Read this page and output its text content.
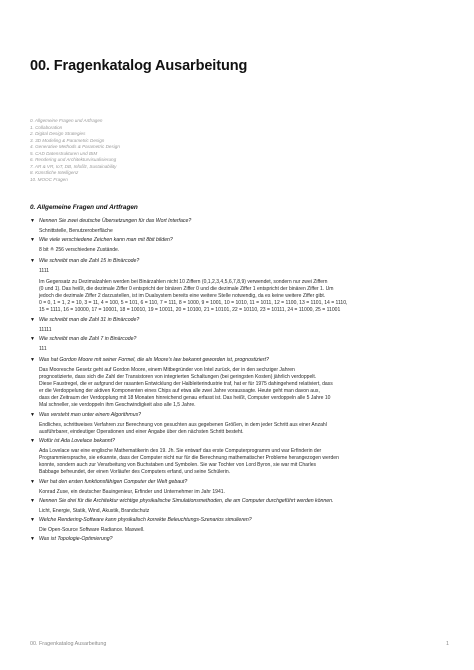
00. Fragenkatalog Ausarbeitung
0. Allgemeine Fragen und Artfragen
1. Collaboration
2. Digital Design Strategies
3. 3D Modeling & Parametric Design
4. Generative Methods & Parametric Design
5. CAD Datenstrukturen und BIM
6. Rendering und Architekturvisualisierung
7. AR & VR, IoT, DB, Infofilz, Sustainability
8. Künstliche Intelligenz
10. MOOC Fragen
0. Allgemeine Fragen und Artfragen
▼ Nennen Sie zwei deutsche Übersetzungen für das Wort Interface?
Schnittstelle, Benutzeroberfläche
▼ Wie viele verschiedene Zeichen kann man mit 8bit bilden?
8 bit ≙ 256 verschiedene Zustände.
▼ Wie schreibt man die Zahl 15 in Binärcode?
1111
Im Gegensatz zu Dezimalzahlen werden bei Binärzahlen nicht 10 Ziffern (0,1,2,3,4,5,6,7,8,9) verwendet, sondern nur zwei Ziffern
(0 und 1). Das heißt, die dezimale Ziffer 0 entspricht der binären Ziffer 0 und die dezimale Ziffer 1 entspricht der binären Ziffer 1. Um
jedoch die dezimale Ziffer 2 darzustellen, ist im Dualsystem bereits eine weitere Stelle notwendig, da es keine weitere Ziffer gibt.
0 = 0, 1 = 1, 2 = 10, 3 = 11, 4 = 100, 5 = 101, 6 = 110, 7 = 111, 8 = 1000, 9 = 1001, 10 = 1010, 11 = 1011, 12 = 1100, 13 = 1101, 14 = 1110,
15 = 1111, 16 = 10000, 17 = 10001, 18 = 10010, 19 = 10011, 20 = 10100, 21 = 10101, 22 = 10110, 23 = 10111, 24 = 11000, 25 = 11001
▼ Wie schreibt man die Zahl 31 in Binärcode?
11111
▼ Wie schreibt man die Zahl 7 in Binärcode?
111
▼ Was hat Gordon Moore mit seiner Formel, die als Moore's law bekannt geworden ist, prognostiziert?
Das Mooresche Gesetz geht auf Gordon Moore, einem Mitbegründer von Intel zurück, der in den sechziger Jahren
prognostizierte, dass sich die Zahl der Transistoren von integrierten Schaltungen (bei geringsten Kosten) jährlich verdoppelt.
Diese Faustregel, die er aufgrund der rasanten Entwicklung der Halbleiterindustrie traf, hat er für 1975 dahingehend relativiert, dass
er die Verdoppelung der aktiven Komponenten eines Chips auf etwa alle zwei Jahre voraussagte. Heute geht man davon aus,
dass der Zeitraum der Verdopplung mit 18 Monaten hinreichend genau erfasst ist. Das heißt, Computer verdoppeln alle 5 Jahre 10
Mal schneller, sie verdoppeln ihm Geschwindigkeit also alle 1,5 Jahre.
▼ Was versteht man unter einem Algorithmus?
Endliches, schrittweises Verfahren zur Berechnung von gesuchten aus gegebenen Größen, in dem jeder Schritt aus einer Anzahl
ausführbarer, eindeutiger Operationen und einer Angabe über den nächsten Schritt besteht.
▼ Wofür ist Ada Lovelace bekannt?
Ada Lovelace war eine englische Mathematikerin des 19. Jh. Sie entwarf das erste Computerprogramm und war Erfinderin der
Programmiersprache, sie erkannte, dass der Computer nicht nur für die Berechnung mathematischer Probleme herangezogen werden
konnte, sondern auch zur Verarbeitung von Buchstaben und Symbolen. Sie war Tochter von Lord Byron, sie war mit Charles
Babbage befreundet, der einen Vorläufer des Computers erfand, und seine Schülerin.
▼ Wer hat den ersten funktionsfähigen Computer der Welt gebaut?
Konrad Zuse, ein deutscher Bauingenieur, Erfinder und Unternehmer im Jahr 1941.
▼ Nennen Sie drei für die Architektur wichtige physikalische Simulationsmethoden, die am Computer durchgeführt werden können.
Licht, Energie, Statik, Wind, Akustik, Brandschutz
▼ Welche Rendering-Software kann physikalisch korrekte Beleuchtungs-Szenarios simulieren?
Die Open-Source Software Radiance. Maxwell.
▼ Was ist Topologie-Optimierung?
00. Fragenkatalog Ausarbeitung	1
